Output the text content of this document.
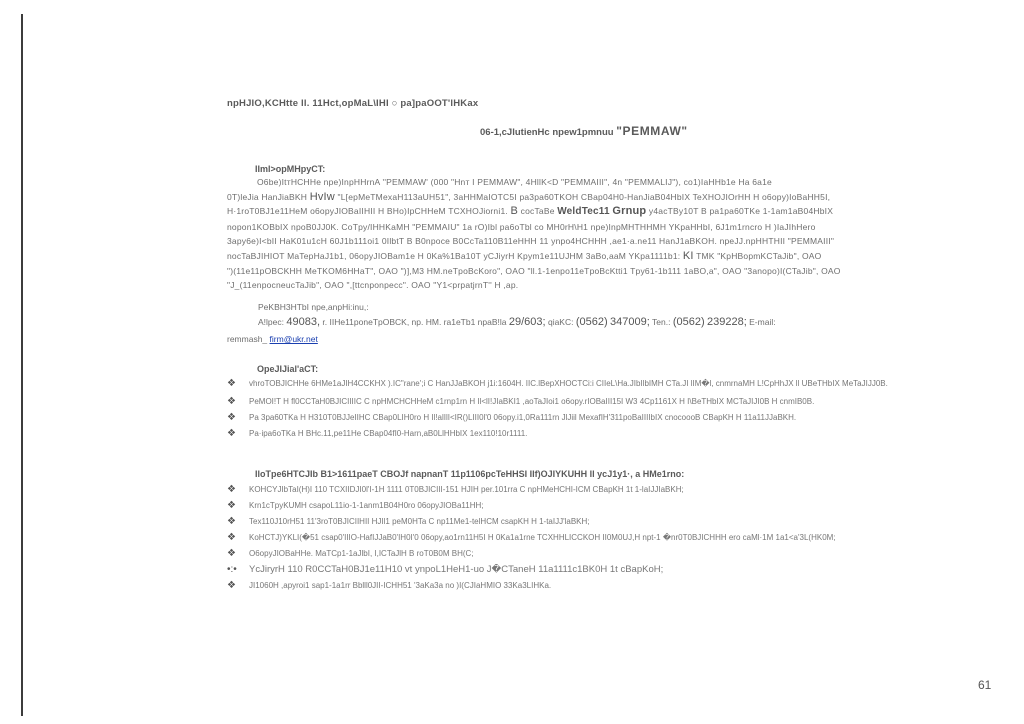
npHJIO,KCHtte ll. 11Hct,opMaL\IHI ○ pa]paOOT'lHKax
06-1,cJlutienHc npew1pmnuu "PEMMAW"
IIml>opMHpyCT:
O6be)ItтHCHHe npe)InpHHrnA ''PEMMAW' (000 "Hnт I PEMMAW", 4HllK<D "PEMMAIII", 4n "PEMMALIJ"), co1)IaHHb1e Ha 6a1e
0T)leJia HanJiaBKH HvIw "L[epMeTMexaH113aUH51", 3aHHMaIOTC5I pa3pa60TKOH CBap04H0-HanJiaB04HbIX TeXHOJIOrHH H o6opy)IoBaHH5I,
H·1roT0BJ1e11HeM o6opyJIOBaIIHII H BHo)IpCHHeM TCXHOJiorni1. B cocTaBe WeldTec11 Grnup y4acTBy10T B pa1pa60TKe 1-1am1aB04HbIX
nopon1KOBbIX npoB0JJ0K. CoTpy/IHHKaMH "PEMMAIU" 1a rO)Ibl pa6oTbl co MH0rH\H1 npe)InpMHTHHMH YKpaHHbI, 6J1m1rncro H )IaJIhHero
3apy6e)I<bII HaK01u1cH 60J1b111oi1 0IlbtT B B0npoce B0CcTa110B11eHHH 11 ynpo4HCHHH ,ae1·a.ne11 HanJ1aBKOH. npeJJ.npHHTHII "PEMMAIII"
nocTaBJIHIOT MaTepHaJ1b1, 06opyJIOBam1e H 0Ka%1Ba10T yCJiyrH Kpym1e11UJHM 3aBo,aaM YKpa1111b1: KI TMK "KpHBopmKCTaJib", OAO
")(11e11pOBCKHH MeTKOM6HHaT", OAO ")],M3 HM.neTpoBcKoro", OAO "ll.1-1enpo11eTpoBcKtti1 Tpy61-1b111 1aBO,a", OAO "3anopo)I(CTaJib", OAO
"J_(11enpocneucTaJib", OAO ",[ttcnponpecc". OAO "Y1<prpatjrnT'' H ,ap.
PeKBH3HTbI npe,anpHi:inu,:
A!lpec: 49083, r. IIHe11poneTpOBCK, np. HM. ra1eTb1 npaB!la 29/603; qiaKC: (0562) 347009; Ten.: (0562) 239228; E-mail:
remmash_ firm@ukr.net
OpeJIJial'aCT:
❖ vhroTOBJICHHe 6HMe1aJIH4CCKHX ).IC"rane';i C HanJJaBKOH j1i:1604H. IIC.lBepXHOCTCi:i CIIeL\Ha.JIbIlbIMH CTa.JI lIM�l, cnmrnaMH L!CpHhJX ll UBeTHbIX MeTaJIJJ0B.
❖ PeMOI!T H fl0CCTaH0BJICIIIIC C npHMCHCHHeM c1rnp1rn H Il<lI!JIaBKI1 ,aoTaJIoi1 o6opy.rIOBaIII15I W3 4Cp1161X H I\BeTHbIX MCTaJIJI0B H cnmIB0B.
❖ Pa 3pa60TKa H H310T0BJJeIIHC CBap0LIH0ro H Il!alIlI<IR()LIII0l'0 06opy.i1,0Ra111rn JlJiil MexafIH'311poBaIIIIbIX cnocoooB CBapKH H 11a11JJaBKH.
❖ Pa·ipa6oTKa H BHc.11,pe11He CBap04fI0-Harn,aB0LlHHbIX 1ex110!10r1111.
IloTpe6HTCJIb B1>1611paeT CBOJf napnanT 11p1106pcTeHHSI IIf)OJIYKUHH ll ycJ1y1·, a HMe1rno:
❖ KOHCYJIbTaI(H)I 110 TCXIIDJI0l'I-1H 1111 0T0BJICIII-151 HJIH per.101rra C npHMeHCHI-ICM CBapKH 1t 1-laIJJIaBKH;
❖ Krn1cTpyKUMH csapoL11io-1-1anm1B04H0ro 06opyJIOBa11HH;
❖ Tex110J10rH51 11'3roT0BJICIIHII HJIl1 peM0HTa C np11Me1-telHCM csapKH H 1-taIJJ'laBKH;
❖ KoHCTJ)YKLI(�51 csap0'IIIO-HafIJJaB0'IH0I'0 06opy,ao1rn11H5I H 0Ka1a1rne TCXHHLICCKOH II0M0UJ,H npt-1 �nr0T0BJICHHH ero caMl·1M 1a1<a'3L(HK0M;
❖ O6opyJIOBaHHe. MaTCp1-1aJlbI, I,ICTaJlH B roT0B0M BH(C;
•:• YcJiryrH 110 R0CCTaH0BJ1e11H10 vt ynpoL1HeH1-uo J�CTaneH 11a1111c1BK0H 1t cBapKoH;
❖ JI1060H ,apyroi1 sap1-1a1rr Bblll0JII-ICHH51 '3aKa3a no )I(CJIaHMIO 33Ka3LIHKa.
61
